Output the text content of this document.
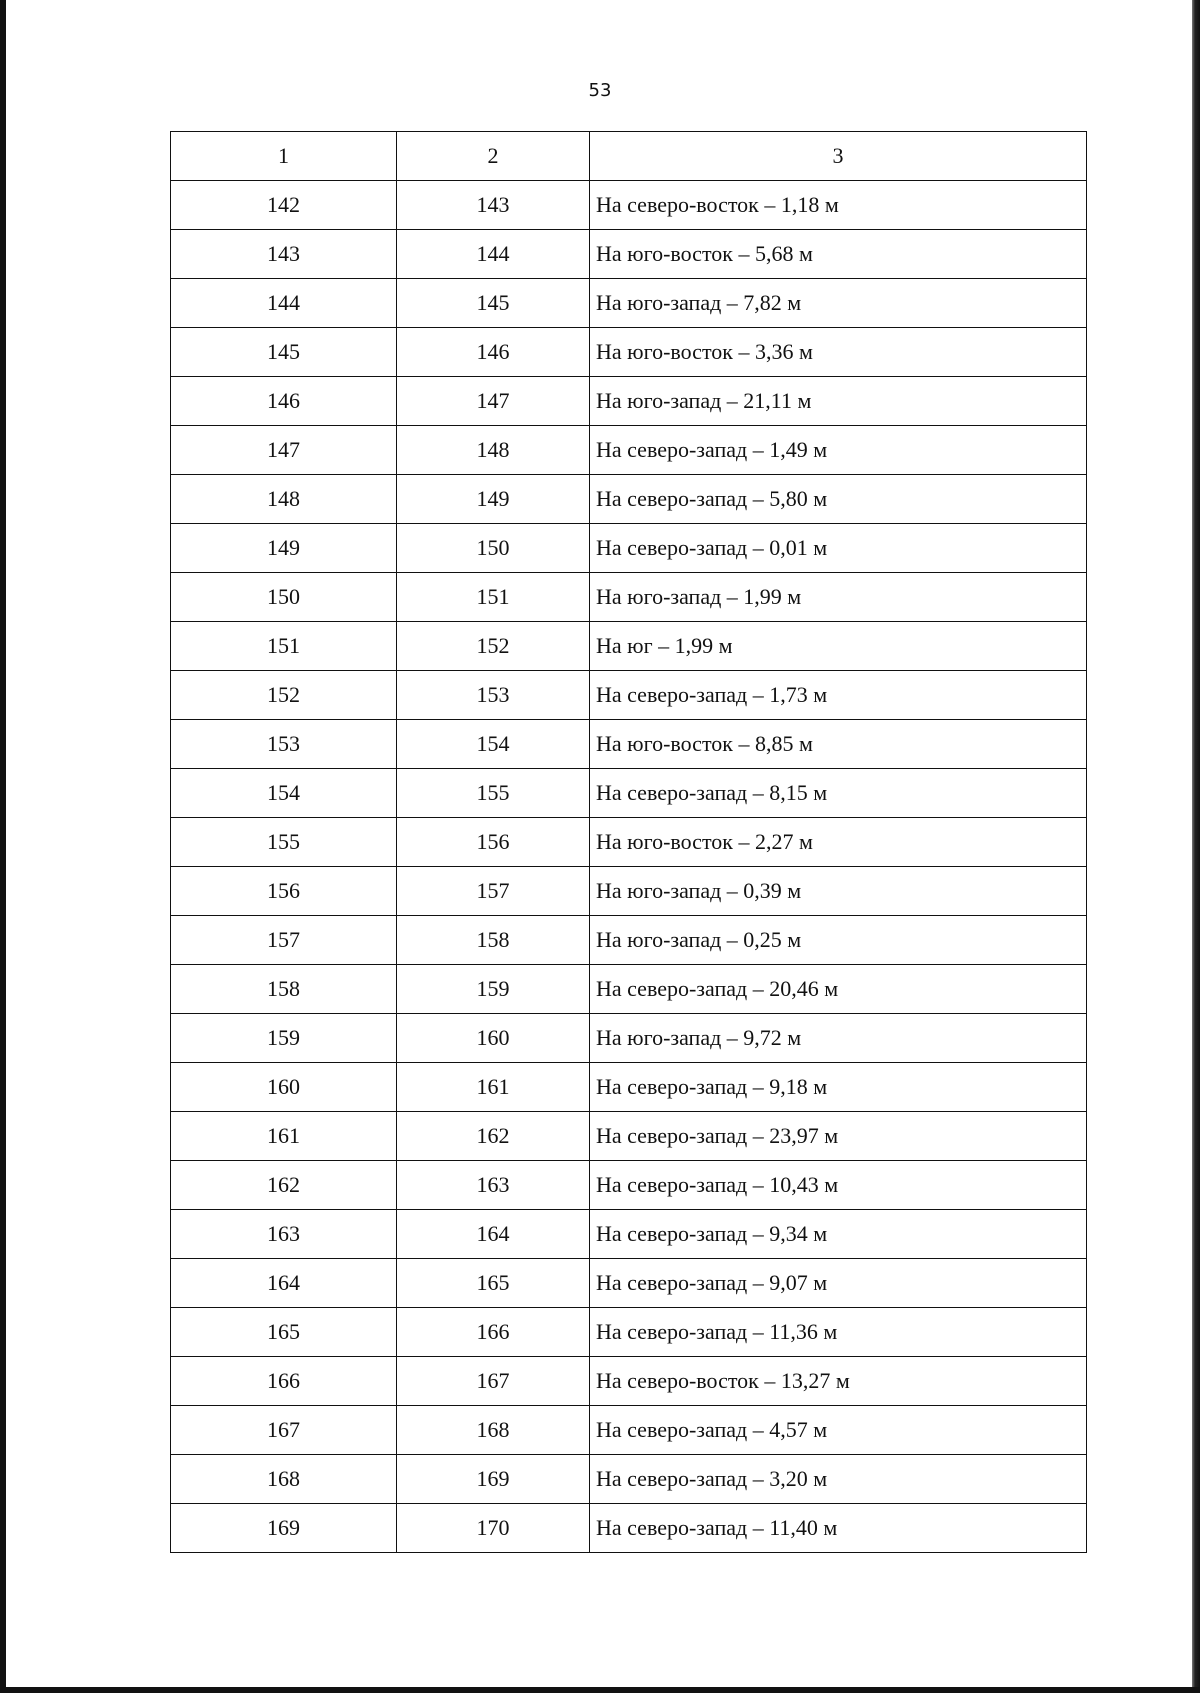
53
1	2	3
142	143	На северо-восток – 1,18 м
143	144	На юго-восток – 5,68 м
144	145	На юго-запад – 7,82 м
145	146	На юго-восток – 3,36 м
146	147	На юго-запад – 21,11 м
147	148	На северо-запад – 1,49 м
148	149	На северо-запад – 5,80 м
149	150	На северо-запад – 0,01 м
150	151	На юго-запад – 1,99 м
151	152	На юг – 1,99 м
152	153	На северо-запад – 1,73 м
153	154	На юго-восток – 8,85 м
154	155	На северо-запад – 8,15 м
155	156	На юго-восток – 2,27 м
156	157	На юго-запад – 0,39 м
157	158	На юго-запад – 0,25 м
158	159	На северо-запад – 20,46 м
159	160	На юго-запад – 9,72 м
160	161	На северо-запад – 9,18 м
161	162	На северо-запад – 23,97 м
162	163	На северо-запад – 10,43 м
163	164	На северо-запад – 9,34 м
164	165	На северо-запад – 9,07 м
165	166	На северо-запад – 11,36 м
166	167	На северо-восток – 13,27 м
167	168	На северо-запад – 4,57 м
168	169	На северо-запад – 3,20 м
169	170	На северо-запад – 11,40 м
